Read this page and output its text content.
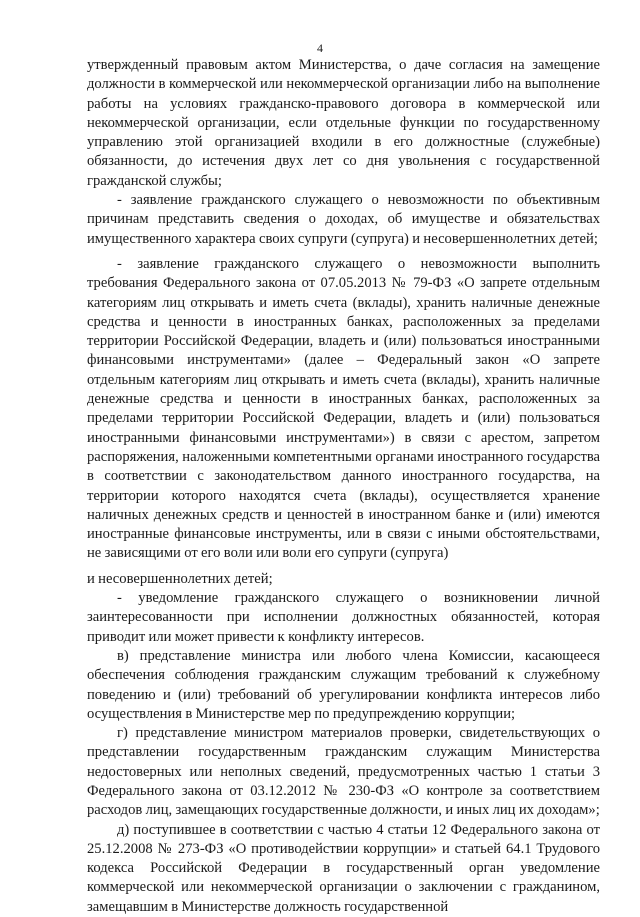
4

утвержденный правовым актом Министерства, о даче согласия на замещение должности в коммерческой или некоммерческой организации либо на выполнение работы на условиях гражданско-правового договора в коммерческой или некоммерческой организации, если отдельные функции по государственному управлению этой организацией входили в его должностные (служебные) обязанности, до истечения двух лет со дня увольнения с государственной гражданской службы;

- заявление гражданского служащего о невозможности по объективным причинам представить сведения о доходах, об имуществе и обязательствах имущественного характера своих супруги (супруга) и несовершеннолетних детей;

- заявление гражданского служащего о невозможности выполнить требования Федерального закона от 07.05.2013 № 79-ФЗ «О запрете отдельным категориям лиц открывать и иметь счета (вклады), хранить наличные денежные средства и ценности в иностранных банках, расположенных за пределами территории Российской Федерации, владеть и (или) пользоваться иностранными финансовыми инструментами» (далее – Федеральный закон «О запрете отдельным категориям лиц открывать и иметь счета (вклады), хранить наличные денежные средства и ценности в иностранных банках, расположенных за пределами территории Российской Федерации, владеть и (или) пользоваться иностранными финансовыми инструментами») в связи с арестом, запретом распоряжения, наложенными компетентными органами иностранного государства в соответствии с законодательством данного иностранного государства, на территории которого находятся счета (вклады), осуществляется хранение наличных денежных средств и ценностей в иностранном банке и (или) имеются иностранные финансовые инструменты, или в связи с иными обстоятельствами, не зависящими от его воли или воли его супруги (супруга)

и несовершеннолетних детей;

- уведомление гражданского служащего о возникновении личной заинтересованности при исполнении должностных обязанностей, которая приводит или может привести к конфликту интересов.

в) представление министра или любого члена Комиссии, касающееся обеспечения соблюдения гражданским служащим требований к служебному поведению и (или) требований об урегулировании конфликта интересов либо осуществления в Министерстве мер по предупреждению коррупции;

г) представление министром материалов проверки, свидетельствующих о представлении государственным гражданским служащим Министерства недостоверных или неполных сведений, предусмотренных частью 1 статьи 3 Федерального закона от 03.12.2012 № 230-ФЗ «О контроле за соответствием расходов лиц, замещающих государственные должности, и иных лиц их доходам»;

д) поступившее в соответствии с частью 4 статьи 12 Федерального закона от 25.12.2008 № 273-ФЗ «О противодействии коррупции» и статьей 64.1 Трудового кодекса Российской Федерации в государственный орган уведомление коммерческой или некоммерческой организации о заключении с гражданином, замещавшим в Министерстве должность государственной
